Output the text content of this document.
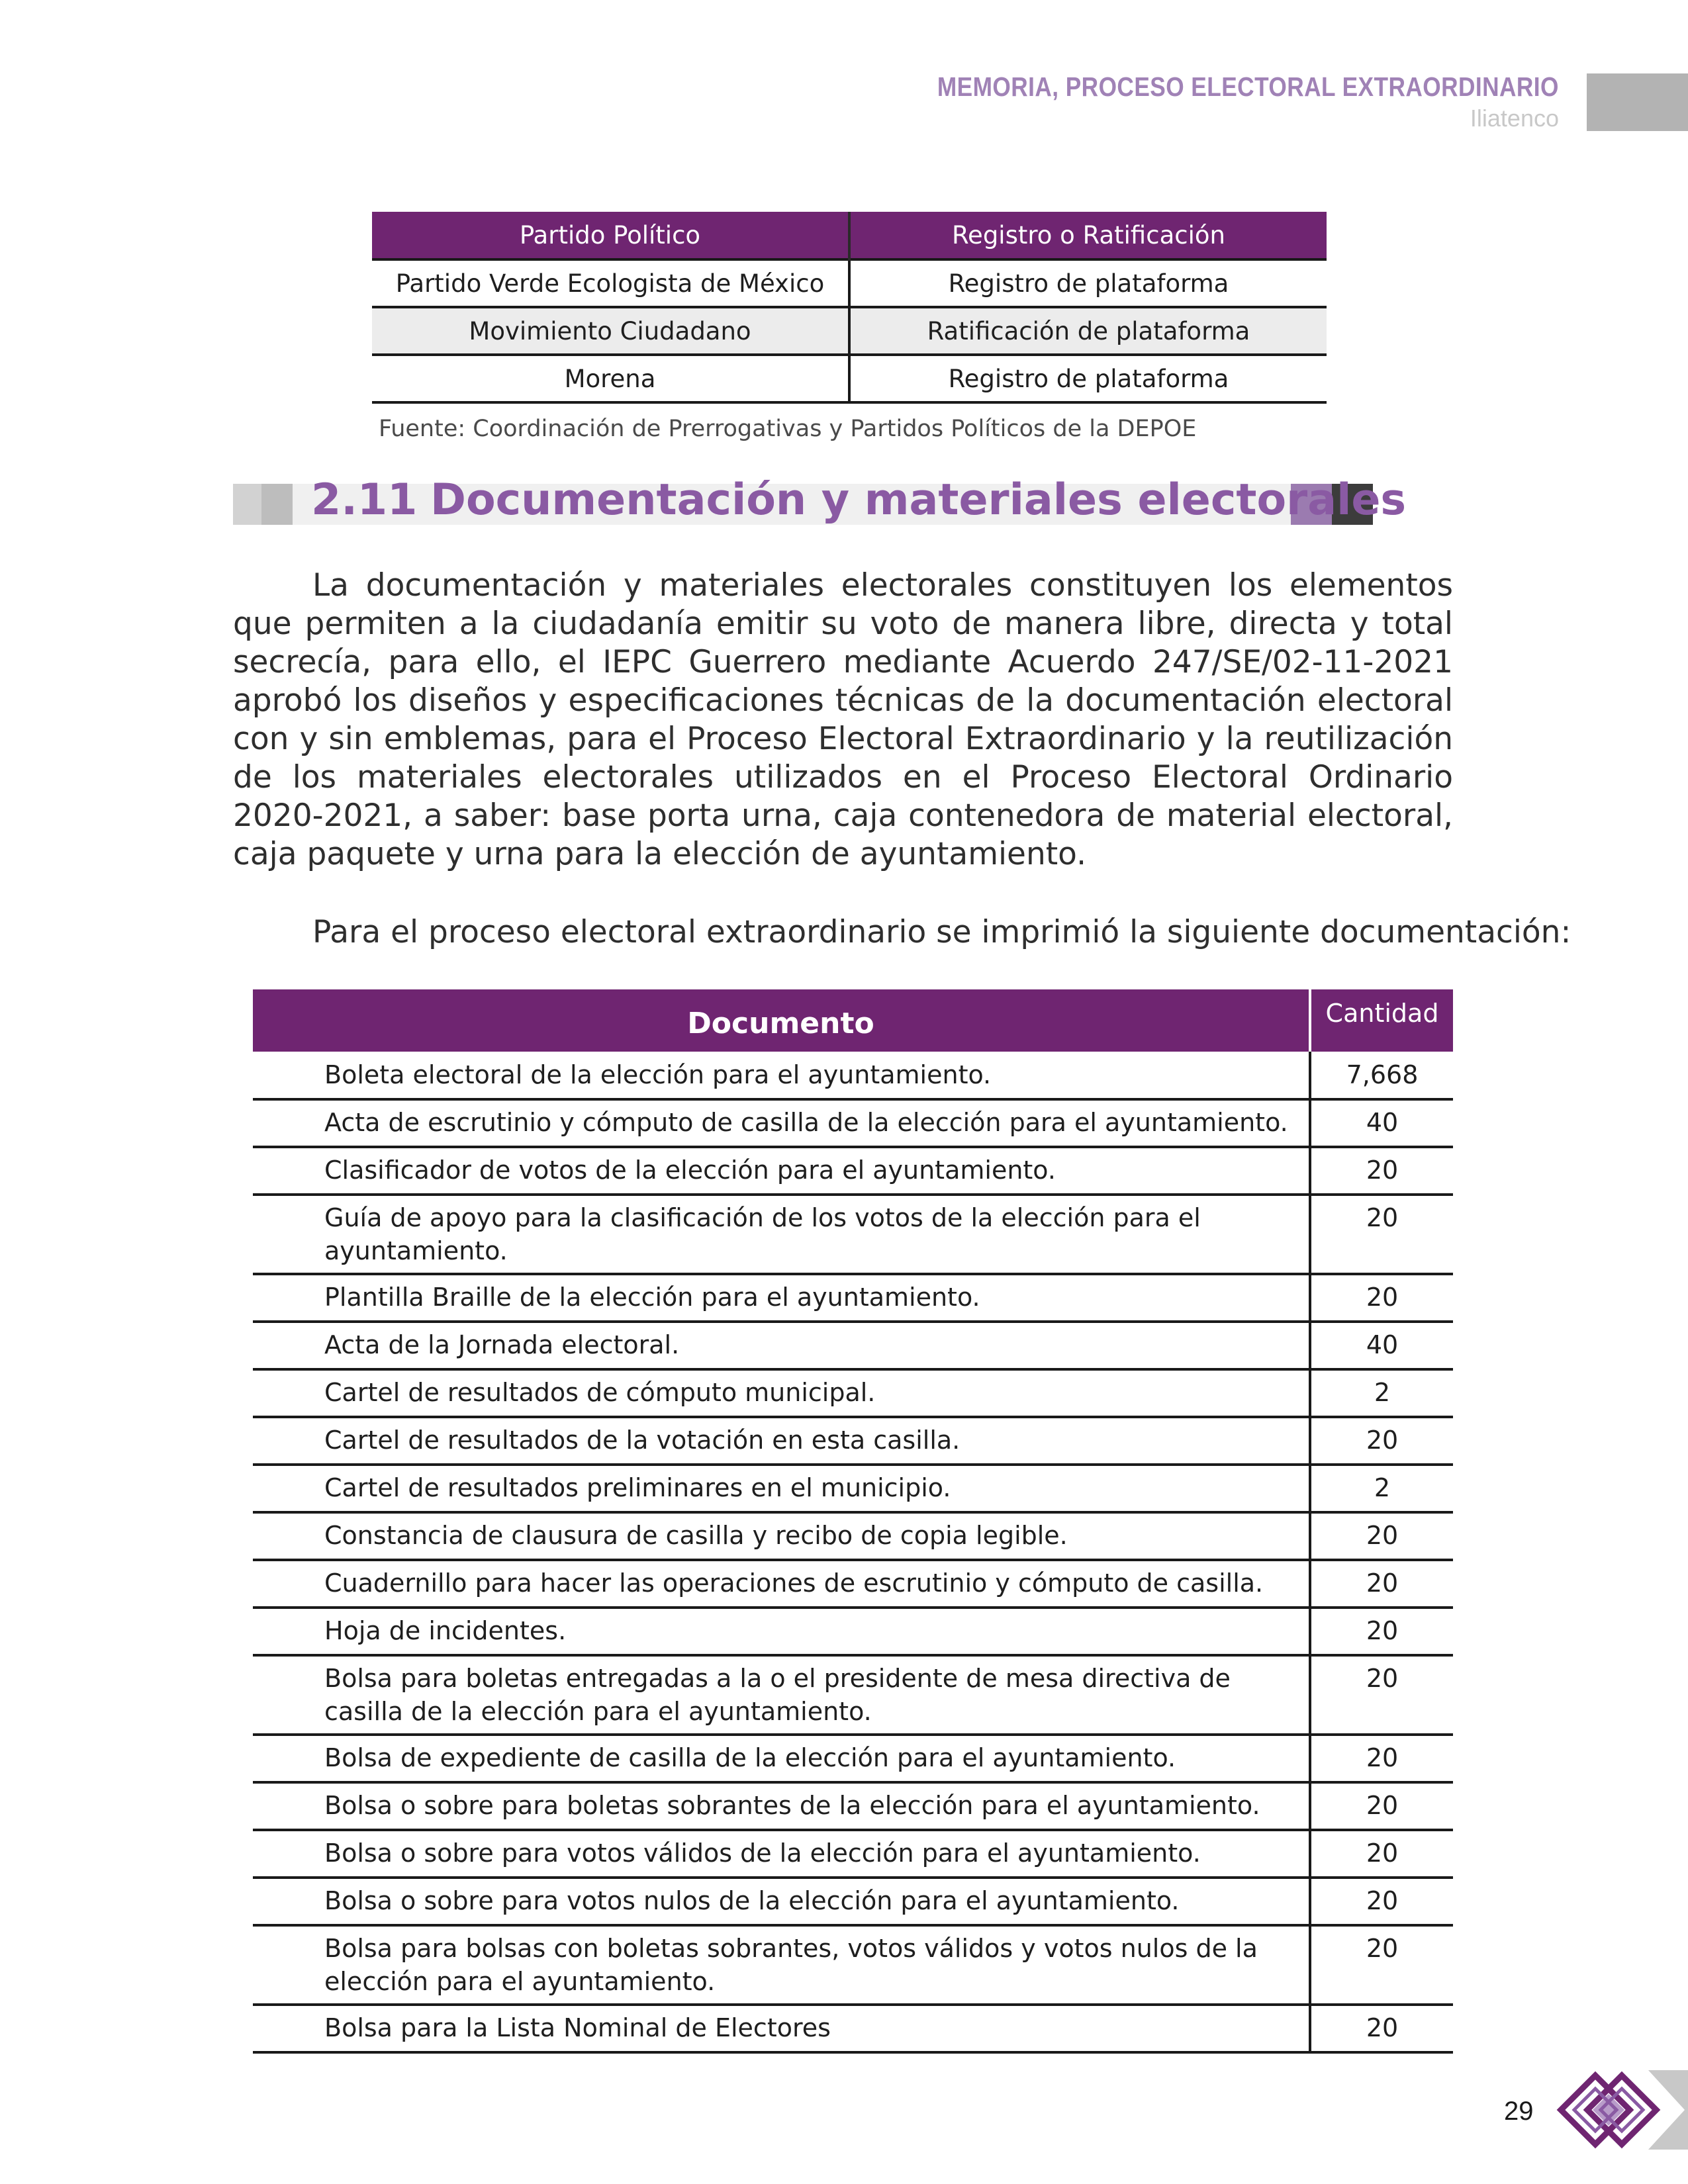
MEMORIA, PROCESO ELECTORAL EXTRAORDINARIO
Iliatenco
Partido Político	Registro o Ratificación
Partido Verde Ecologista de México	Registro de plataforma
Movimiento Ciudadano	Ratificación de plataforma
Morena	Registro de plataforma
Fuente: Coordinación de Prerrogativas y Partidos Políticos de la DEPOE
2.11 Documentación y materiales electorales

La documentación y materiales electorales constituyen los elementos que permiten a la ciudadanía emitir su voto de manera libre, directa y total secrecía, para ello, el IEPC Guerrero mediante Acuerdo 247/SE/02-11-2021 aprobó los diseños y especificaciones técnicas de la documentación electoral con y sin emblemas, para el Proceso Electoral Extraordinario y la reutilización de los materiales electorales utilizados en el Proceso Electoral Ordinario 2020-2021, a saber: base porta urna, caja contenedora de material electoral, caja paquete y urna para la elección de ayuntamiento.

Para el proceso electoral extraordinario se imprimió la siguiente documentación:

Documento	Cantidad
Boleta electoral de la elección para el ayuntamiento.	7,668
Acta de escrutinio y cómputo de casilla de la elección para el ayuntamiento.	40
Clasificador de votos de la elección para el ayuntamiento.	20
Guía de apoyo para la clasificación de los votos de la elección para el ayuntamiento.	20
Plantilla Braille de la elección para el ayuntamiento.	20
Acta de la Jornada electoral.	40
Cartel de resultados de cómputo municipal.	2
Cartel de resultados de la votación en esta casilla.	20
Cartel de resultados preliminares en el municipio.	2
Constancia de clausura de casilla y recibo de copia legible.	20
Cuadernillo para hacer las operaciones de escrutinio y cómputo de casilla.	20
Hoja de incidentes.	20
Bolsa para boletas entregadas a la o el presidente de mesa directiva de casilla de la elección para el ayuntamiento.	20
Bolsa de expediente de casilla de la elección para el ayuntamiento.	20
Bolsa o sobre para boletas sobrantes de la elección para el ayuntamiento.	20
Bolsa o sobre para votos válidos de la elección para el ayuntamiento.	20
Bolsa o sobre para votos nulos de la elección para el ayuntamiento.	20
Bolsa para bolsas con boletas sobrantes, votos válidos y votos nulos de la elección para el ayuntamiento.	20
Bolsa para la Lista Nominal de Electores	20
29
